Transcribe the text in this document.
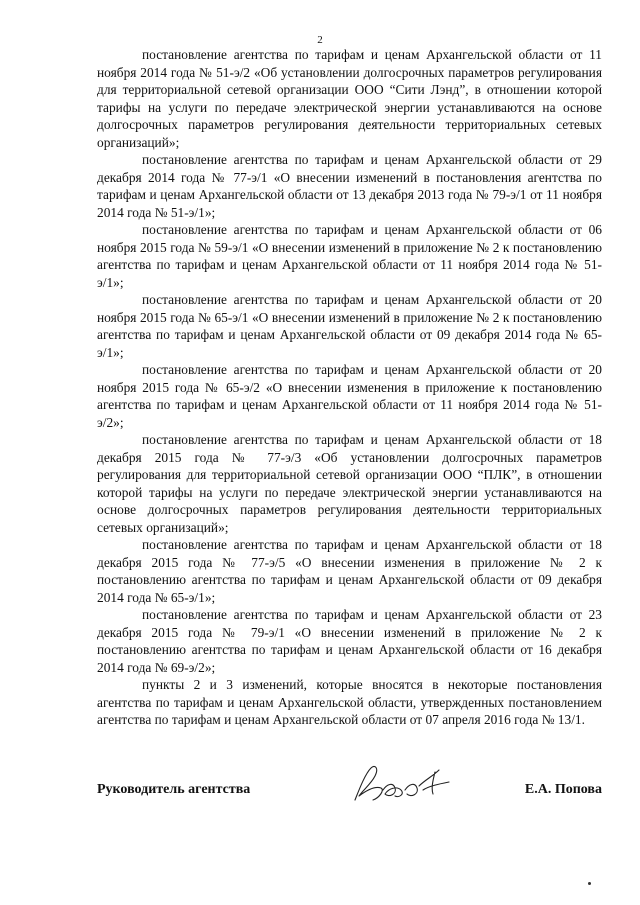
2

постановление агентства по тарифам и ценам Архангельской области от 11 ноября 2014 года № 51-э/2 «Об установлении долгосрочных параметров регулирования для территориальной сетевой организации ООО “Сити Лэнд”, в отношении которой тарифы на услуги по передаче электрической энергии устанавливаются на основе долгосрочных параметров регулирования деятельности территориальных сетевых организаций»;

постановление агентства по тарифам и ценам Архангельской области от 29 декабря 2014 года № 77-э/1 «О внесении изменений в постановления агентства по тарифам и ценам Архангельской области от 13 декабря 2013 года № 79-э/1 от 11 ноября 2014 года № 51-э/1»;

постановление агентства по тарифам и ценам Архангельской области от 06 ноября 2015 года № 59-э/1 «О внесении изменений в приложение № 2 к постановлению агентства по тарифам и ценам Архангельской области от 11 ноября 2014 года № 51-э/1»;

постановление агентства по тарифам и ценам Архангельской области от 20 ноября 2015 года № 65-э/1 «О внесении изменений в приложение № 2 к постановлению агентства по тарифам и ценам Архангельской области от 09 декабря 2014 года № 65-э/1»;

постановление агентства по тарифам и ценам Архангельской области от 20 ноября 2015 года № 65-э/2 «О внесении изменения в приложение к постановлению агентства по тарифам и ценам Архангельской области от 11 ноября 2014 года № 51-э/2»;

постановление агентства по тарифам и ценам Архангельской области от 18 декабря 2015 года № 77-э/3 «Об установлении долгосрочных параметров регулирования для территориальной сетевой организации ООО “ПЛК”, в отношении которой тарифы на услуги по передаче электрической энергии устанавливаются на основе долгосрочных параметров регулирования деятельности территориальных сетевых организаций»;

постановление агентства по тарифам и ценам Архангельской области от 18 декабря 2015 года № 77-э/5 «О внесении изменения в приложение № 2 к постановлению агентства по тарифам и ценам Архангельской области от 09 декабря 2014 года № 65-э/1»;

постановление агентства по тарифам и ценам Архангельской области от 23 декабря 2015 года № 79-э/1 «О внесении изменений в приложение № 2 к постановлению агентства по тарифам и ценам Архангельской области от 16 декабря 2014 года № 69-э/2»;

пункты 2 и 3 изменений, которые вносятся в некоторые постановления агентства по тарифам и ценам Архангельской области, утвержденных постановлением агентства по тарифам и ценам Архангельской области от 07 апреля 2016 года № 13/1.

Руководитель агентства	Е.А. Попова
